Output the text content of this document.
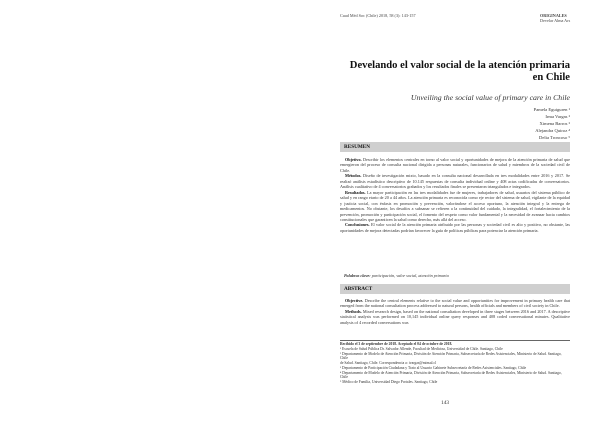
Cuad Méd Soc (Chile) 2018, 58 (3): 143-157	ORIGINALES
Develar Alma Ars
Develando el valor social de la atención primaria en Chile
Unveiling the social value of primary care in Chile
Pamela Eguiguren ¹
Irma Vargas ²
Ximena Barros ³
Alejandra Quiroz ⁴
Delia Troncoso ⁵
RESUMEN

Objetivo. Describir los elementos centrales en torno al valor social y oportunidades de mejora de la atención primaria de salud que emergieron del proceso de consulta nacional dirigida a personas naturales, funcionarios de salud y miembros de la sociedad civil de Chile.

Métodos. Diseño de investigación mixto, basado en la consulta nacional desarrollada en tres modalidades entre 2016 y 2017. Se realizó análisis estadístico descriptivo de 10.145 respuestas de consulta individual online y 408 actas codificadas de conversatorios. Análisis cualitativo de 4 conversatorios grabados y los resultados finales se presentaron triangulados e integrados.

Resultados. La mayor participación en las tres modalidades fue de mujeres, trabajadores de salud, usuarios del sistema público de salud y en rango etario de 20 a 44 años. La atención primaria es reconocida como eje rector del sistema de salud, vigilante de la equidad y justicia social, con énfasis en promoción y prevención, valorándose el acceso oportuno, la atención integral y la entrega de medicamentos. No obstante, los desafíos a subsanar se refieren a la continuidad del cuidado, la integralidad, el fortalecimiento de la prevención, promoción y participación social, el fomento del respeto como valor fundamental y la necesidad de avanzar hacia cambios constitucionales que garanticen la salud como derecho, más allá del acceso.

Conclusiones. El valor social de la atención primaria atribuido por las personas y sociedad civil es alto y positivo, no obstante, las oportunidades de mejora detectadas podrían favorecer la guía de políticas públicas para potenciar la atención primaria.

Palabras clave: participación, valor social, atención primaria
ABSTRACT

Objective. Describe the central elements relative to the social value and opportunities for improvement in primary health care that emerged from the national consultation process addressed to natural persons, health officials and members of civil society in Chile.

Methods. Mixed research design, based on the national consultation developed in three stages between 2016 and 2017. A descriptive statistical analysis was performed on 10,145 individual online query responses and 408 coded conversational minutes. Qualitative analysis of 4 recorded conversations was

Recibido el 3 de septiembre de 2018. Aceptado el 04 de octubre de 2018.
¹ Escuela de Salud Pública Dr. Salvador Allende, Facultad de Medicina, Universidad de Chile. Santiago, Chile
² Departamento de Modelo de Atención Primaria, División de Atención Primaria, Subsecretaría de Redes Asistenciales, Ministerio de Salud. Santiago, Chile
de Salud. Santiago, Chile. Correspondencia a: ivargas@minsal.cl
³ Departamento de Participación Ciudadana y Trato al Usuario Gabinete Subsecretaría de Redes Asistenciales. Santiago, Chile
⁴ Departamento de Modelo de Atención Primaria, División de Atención Primaria, Subsecretaría de Redes Asistenciales, Ministerio de Salud. Santiago, Chile
⁵ Médico de Familia, Universidad Diego Portales. Santiago, Chile
143
